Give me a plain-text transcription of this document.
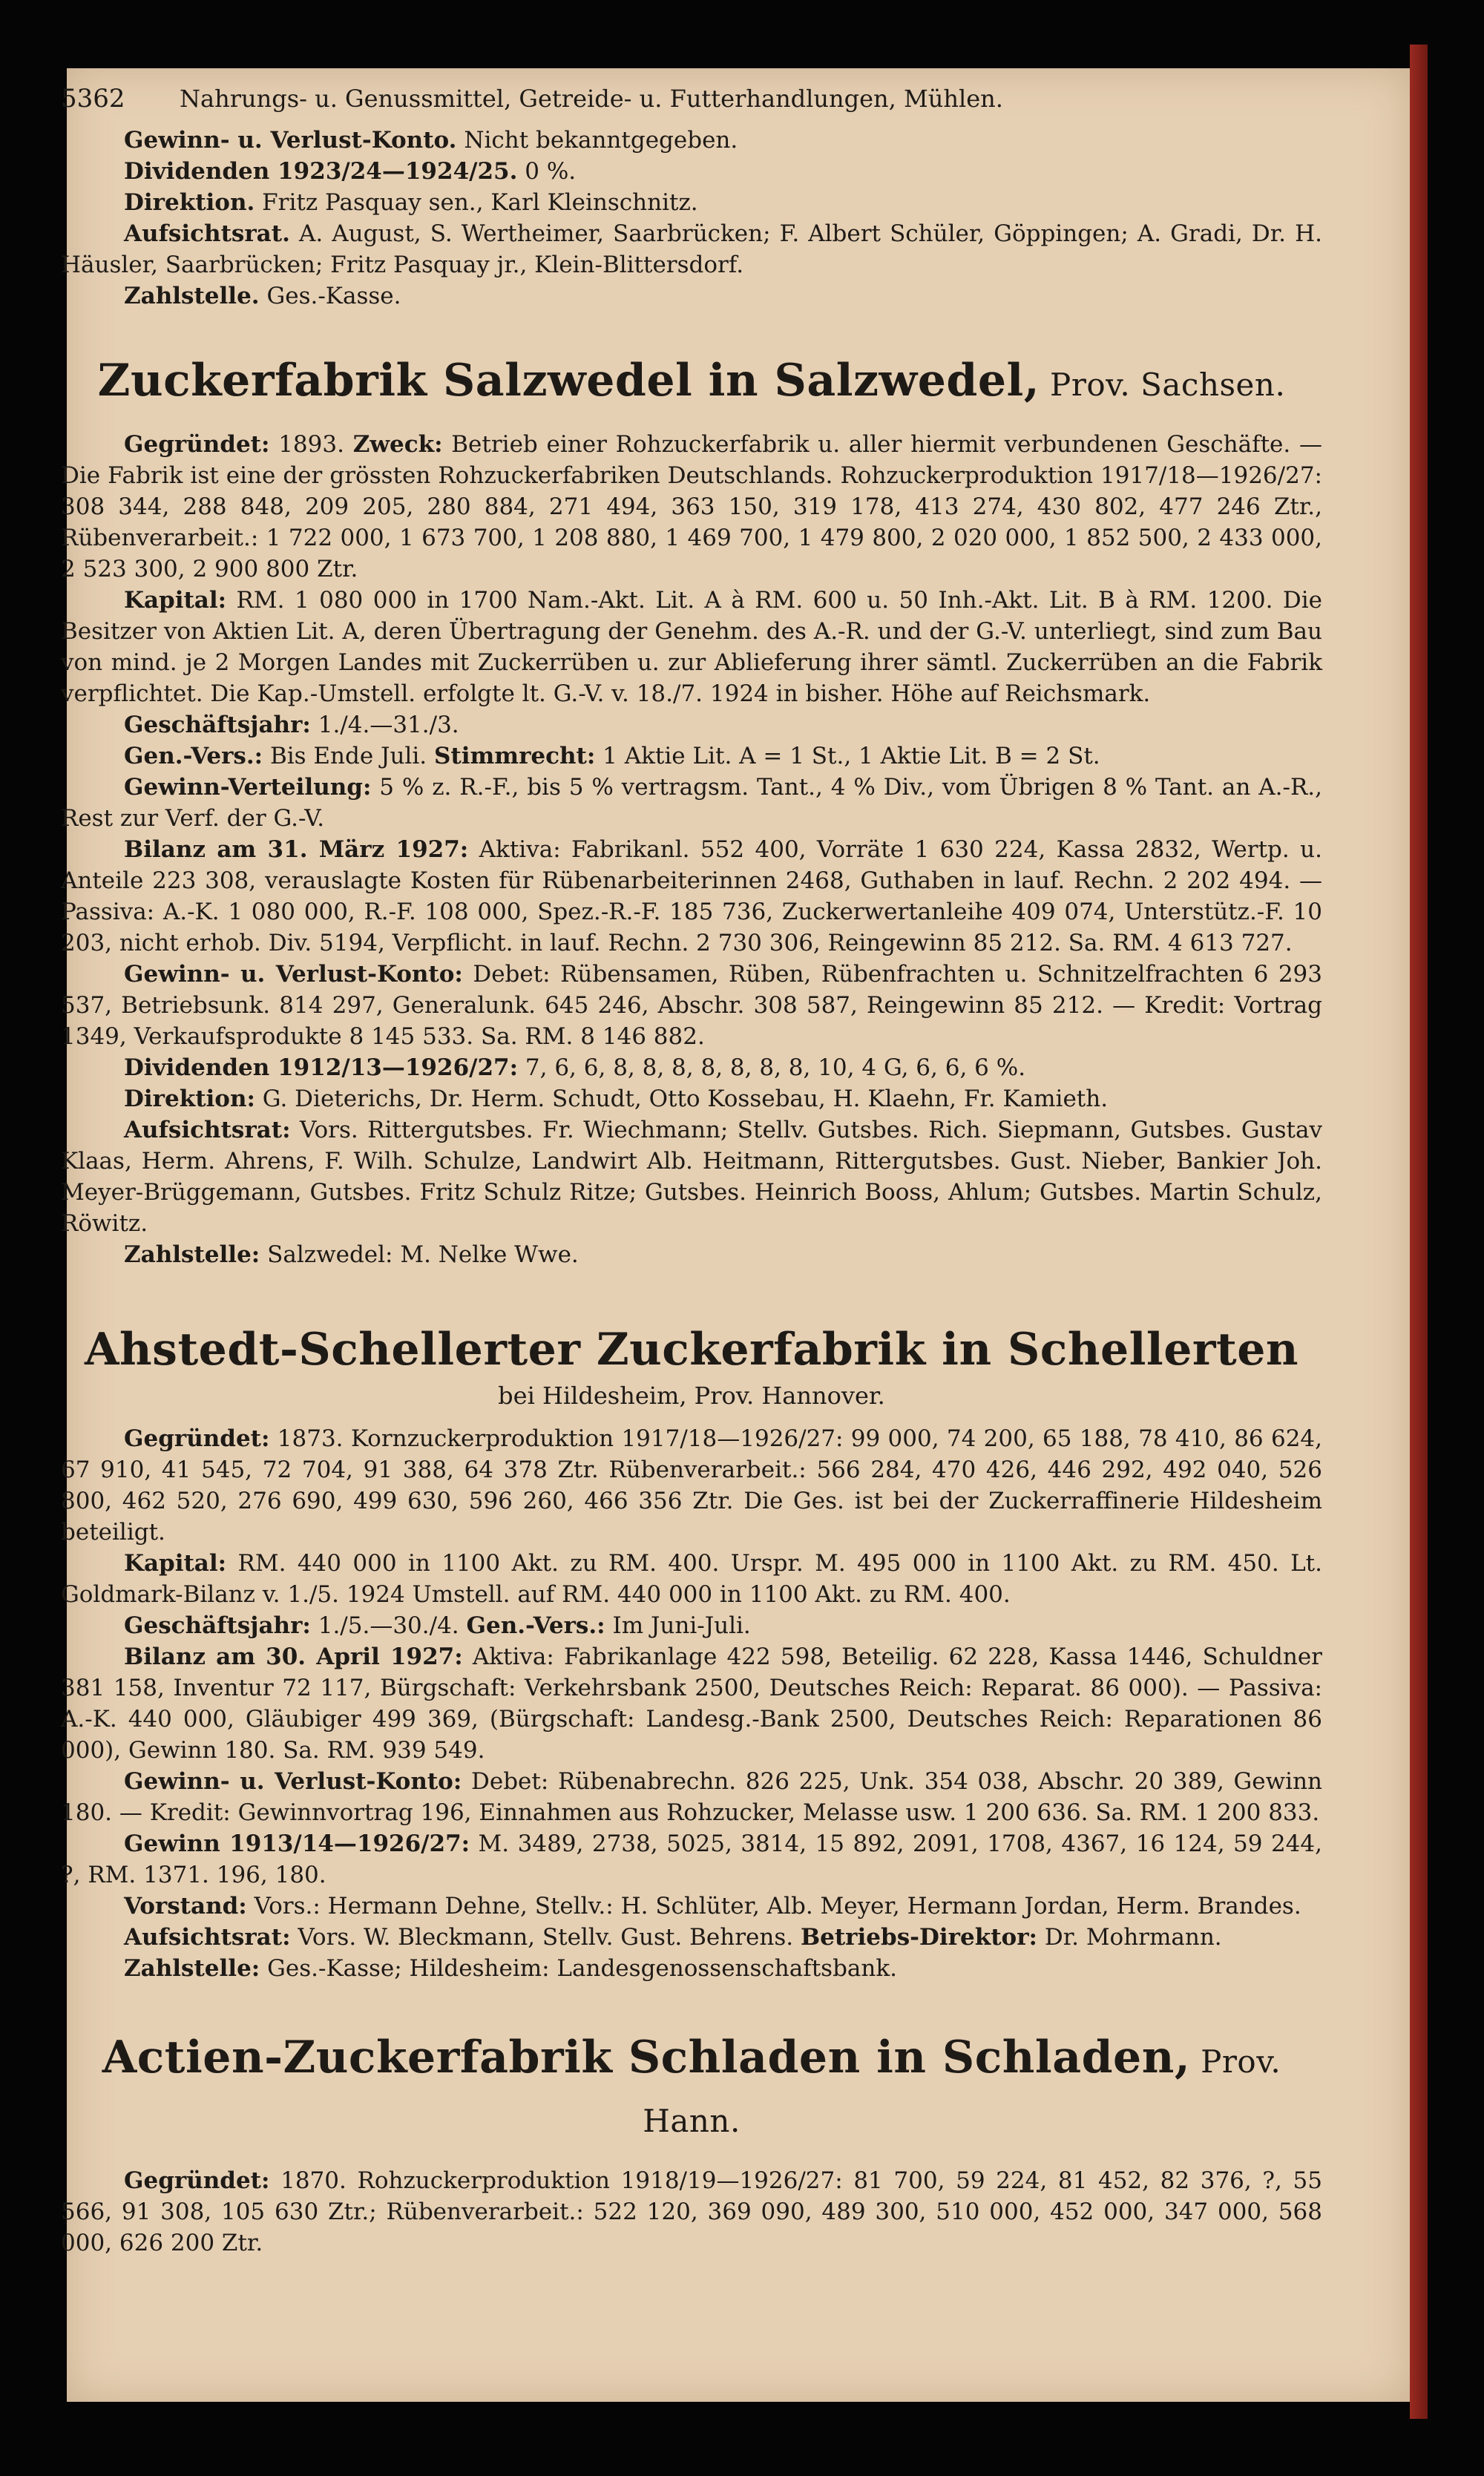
5362	Nahrungs- u. Genussmittel, Getreide- u. Futterhandlungen, Mühlen.

Gewinn- u. Verlust-Konto. Nicht bekanntgegeben.

Dividenden 1923/24—1924/25. 0 %.

Direktion. Fritz Pasquay sen., Karl Kleinschnitz.

Aufsichtsrat. A. August, S. Wertheimer, Saarbrücken; F. Albert Schüler, Göppingen; A. Gradi, Dr. H. Häusler, Saarbrücken; Fritz Pasquay jr., Klein-Blittersdorf.

Zahlstelle. Ges.-Kasse.

Zuckerfabrik Salzwedel in Salzwedel, Prov. Sachsen.

Gegründet: 1893. Zweck: Betrieb einer Rohzuckerfabrik u. aller hiermit verbundenen Geschäfte. — Die Fabrik ist eine der grössten Rohzuckerfabriken Deutschlands. Rohzuckerproduktion 1917/18—1926/27: 308 344, 288 848, 209 205, 280 884, 271 494, 363 150, 319 178, 413 274, 430 802, 477 246 Ztr., Rübenverarbeit.: 1 722 000, 1 673 700, 1 208 880, 1 469 700, 1 479 800, 2 020 000, 1 852 500, 2 433 000, 2 523 300, 2 900 800 Ztr.

Kapital: RM. 1 080 000 in 1700 Nam.-Akt. Lit. A à RM. 600 u. 50 Inh.-Akt. Lit. B à RM. 1200. Die Besitzer von Aktien Lit. A, deren Übertragung der Genehm. des A.-R. und der G.-V. unterliegt, sind zum Bau von mind. je 2 Morgen Landes mit Zuckerrüben u. zur Ablieferung ihrer sämtl. Zuckerrüben an die Fabrik verpflichtet. Die Kap.-Umstell. erfolgte lt. G.-V. v. 18./7. 1924 in bisher. Höhe auf Reichsmark.

Geschäftsjahr: 1./4.—31./3.

Gen.-Vers.: Bis Ende Juli. Stimmrecht: 1 Aktie Lit. A = 1 St., 1 Aktie Lit. B = 2 St.

Gewinn-Verteilung: 5 % z. R.-F., bis 5 % vertragsm. Tant., 4 % Div., vom Übrigen 8 % Tant. an A.-R., Rest zur Verf. der G.-V.

Bilanz am 31. März 1927: Aktiva: Fabrikanl. 552 400, Vorräte 1 630 224, Kassa 2832, Wertp. u. Anteile 223 308, verauslagte Kosten für Rübenarbeiterinnen 2468, Guthaben in lauf. Rechn. 2 202 494. — Passiva: A.-K. 1 080 000, R.-F. 108 000, Spez.-R.-F. 185 736, Zuckerwertanleihe 409 074, Unterstütz.-F. 10 203, nicht erhob. Div. 5194, Verpflicht. in lauf. Rechn. 2 730 306, Reingewinn 85 212. Sa. RM. 4 613 727.

Gewinn- u. Verlust-Konto: Debet: Rübensamen, Rüben, Rübenfrachten u. Schnitzelfrachten 6 293 537, Betriebsunk. 814 297, Generalunk. 645 246, Abschr. 308 587, Reingewinn 85 212. — Kredit: Vortrag 1349, Verkaufsprodukte 8 145 533. Sa. RM. 8 146 882.

Dividenden 1912/13—1926/27: 7, 6, 6, 8, 8, 8, 8, 8, 8, 8, 10, 4 G, 6, 6, 6 %.

Direktion: G. Dieterichs, Dr. Herm. Schudt, Otto Kossebau, H. Klaehn, Fr. Kamieth.

Aufsichtsrat: Vors. Rittergutsbes. Fr. Wiechmann; Stellv. Gutsbes. Rich. Siepmann, Gutsbes. Gustav Klaas, Herm. Ahrens, F. Wilh. Schulze, Landwirt Alb. Heitmann, Rittergutsbes. Gust. Nieber, Bankier Joh. Meyer-Brüggemann, Gutsbes. Fritz Schulz Ritze; Gutsbes. Heinrich Booss, Ahlum; Gutsbes. Martin Schulz, Röwitz.

Zahlstelle: Salzwedel: M. Nelke Wwe.

Ahstedt-Schellerter Zuckerfabrik in Schellerten
bei Hildesheim, Prov. Hannover.

Gegründet: 1873. Kornzuckerproduktion 1917/18—1926/27: 99 000, 74 200, 65 188, 78 410, 86 624, 67 910, 41 545, 72 704, 91 388, 64 378 Ztr. Rübenverarbeit.: 566 284, 470 426, 446 292, 492 040, 526 800, 462 520, 276 690, 499 630, 596 260, 466 356 Ztr. Die Ges. ist bei der Zuckerraffinerie Hildesheim beteiligt.

Kapital: RM. 440 000 in 1100 Akt. zu RM. 400. Urspr. M. 495 000 in 1100 Akt. zu RM. 450. Lt. Goldmark-Bilanz v. 1./5. 1924 Umstell. auf RM. 440 000 in 1100 Akt. zu RM. 400.

Geschäftsjahr: 1./5.—30./4. Gen.-Vers.: Im Juni-Juli.

Bilanz am 30. April 1927: Aktiva: Fabrikanlage 422 598, Beteilig. 62 228, Kassa 1446, Schuldner 381 158, Inventur 72 117, Bürgschaft: Verkehrsbank 2500, Deutsches Reich: Reparat. 86 000). — Passiva: A.-K. 440 000, Gläubiger 499 369, (Bürgschaft: Landesg.-Bank 2500, Deutsches Reich: Reparationen 86 000), Gewinn 180. Sa. RM. 939 549.

Gewinn- u. Verlust-Konto: Debet: Rübenabrechn. 826 225, Unk. 354 038, Abschr. 20 389, Gewinn 180. — Kredit: Gewinnvortrag 196, Einnahmen aus Rohzucker, Melasse usw. 1 200 636. Sa. RM. 1 200 833.

Gewinn 1913/14—1926/27: M. 3489, 2738, 5025, 3814, 15 892, 2091, 1708, 4367, 16 124, 59 244, ?, RM. 1371. 196, 180.

Vorstand: Vors.: Hermann Dehne, Stellv.: H. Schlüter, Alb. Meyer, Hermann Jordan, Herm. Brandes.

Aufsichtsrat: Vors. W. Bleckmann, Stellv. Gust. Behrens. Betriebs-Direktor: Dr. Mohrmann.

Zahlstelle: Ges.-Kasse; Hildesheim: Landesgenossenschaftsbank.

Actien-Zuckerfabrik Schladen in Schladen, Prov. Hann.

Gegründet: 1870. Rohzuckerproduktion 1918/19—1926/27: 81 700, 59 224, 81 452, 82 376, ?, 55 566, 91 308, 105 630 Ztr.; Rübenverarbeit.: 522 120, 369 090, 489 300, 510 000, 452 000, 347 000, 568 000, 626 200 Ztr.
